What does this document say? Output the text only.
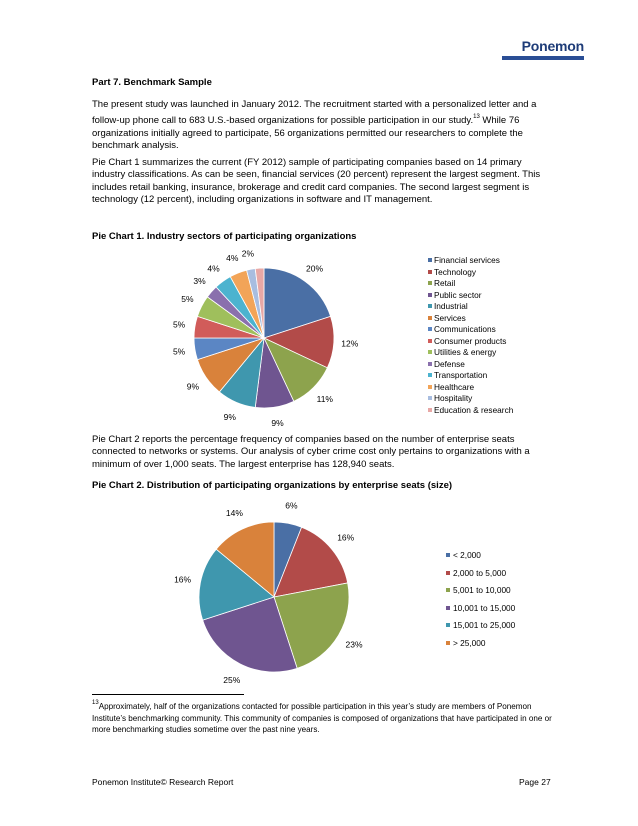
Ponemon
Part 7. Benchmark Sample

The present study was launched in January 2012. The recruitment started with a personalized letter and a follow-up phone call to 683 U.S.-based organizations for possible participation in our study.$^{13}$ While 76 organizations initially agreed to participate, 56 organizations permitted our researchers to complete the benchmark analysis.

Pie Chart 1 summarizes the current (FY 2012) sample of participating companies based on 14 primary industry classifications. As can be seen, financial services (20 percent) represent the largest segment. This includes retail banking, insurance, brokerage and credit card companies. The second largest segment is technology (12 percent), including organizations in software and IT management.

Pie Chart 1. Industry sectors of participating organizations
20%
12%
11%
9%
9%
9%
5%
5%
5%
3%
4%
4% 2%
Financial services
Technology
Retail
Public sector
Industrial
Services
Communications
Consumer products
Utilities & energy
Defense
Transportation
Healthcare
Hospitality
Education & research

Pie Chart 2 reports the percentage frequency of companies based on the number of enterprise seats connected to networks or systems. Our analysis of cyber crime cost only pertains to organizations with a minimum of over 1,000 seats. The largest enterprise has 128,940 seats.

Pie Chart 2. Distribution of participating organizations by enterprise seats (size)
6%
16%
23%
25%
16%
14%
< 2,000
2,000 to 5,000
5,001 to 10,000
10,001 to 15,000
15,001 to 25,000
> 25,000

$^{13}$Approximately, half of the organizations contacted for possible participation in this year’s study are members of Ponemon Institute’s benchmarking community. This community of companies is composed of organizations that have participated in one or more benchmarking studies sometime over the past nine years.

Ponemon Institute© Research Report	Page 27
